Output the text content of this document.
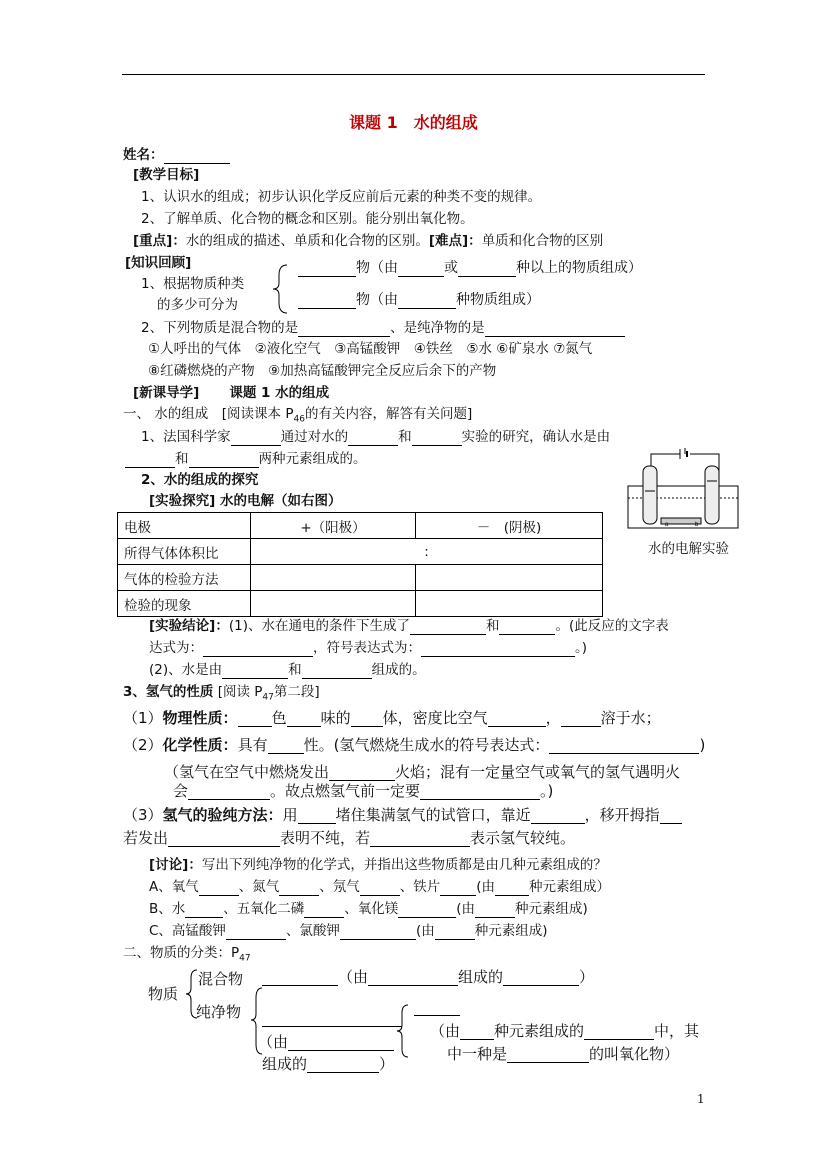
课题 1　水的组成
姓名：
[教学目标]
1、认识水的组成；初步认识化学反应前后元素的种类不变的规律。
2、了解单质、化合物的概念和区别。能分别出氧化物。
[重点]：水的组成的描述、单质和化合物的区别。[难点]：单质和化合物的区别
[知识回顾]
1、根据物质种类
的多少可分为
物（由	或	种以上的物质组成）
物（由	种物质组成）
2、下列物质是混合物的是	、是纯净物的是
①人呼出的气体　②液化空气　③高锰酸钾　④铁丝　⑤水 ⑥矿泉水 ⑦氮气
⑧红磷燃烧的产物　⑨加热高锰酸钾完全反应后余下的产物
[新课导学] 课题 1 水的组成
一、 水的组成　[阅读课本 $P_{46}$的有关内容，解答有关问题]
1、法国科学家	通过对水的	和	实验的研究，确认水是由
和	两种元素组成的。
2、水的组成的探究
[实验探究] 水的电解（如右图）
a	b
水的电解实验
电极	+（阳极）	－　(阴极)
所得气体体积比	:	
气体的检验方法		
检验的现象		
[实验结论]：(1)、水在通电的条件下生成了	和	。(此反应的文字表
达式为：	，符号表达式为：	。)
(2)、水是由	和	组成的。
3、氢气的性质 [阅读 $P_{47}$第二段]
（1）物理性质： 色 味的 体，密度比空气	，	溶于水；
（2）化学性质：具有 性。(氢气燃烧生成水的符号表达式：	)
（氢气在空气中燃烧发出	火焰；混有一定量空气或氧气的氢气遇明火
会	。故点燃氢气前一定要	。)
（3）氢气的验纯方法：用	堵住集满氢气的试管口，靠近	，移开拇指
若发出	表明不纯，若	表示氢气较纯。
[讨论]：写出下列纯净物的化学式，并指出这些物质都是由几种元素组成的？
A、氧气	、氮气	、氖气	、铁片	(由	种元素组成）
B、水	、五氧化二磷	、氧化镁	(由	种元素组成)
C、高锰酸钾	、氯酸钾	(由	种元素组成)
二、物质的分类：$P_{47}$
物质
混合物	（由	组成的	）
纯净物
（由 种元素组成的	中，其
中一种是	的叫氧化物）
（由
组成的	）
1
